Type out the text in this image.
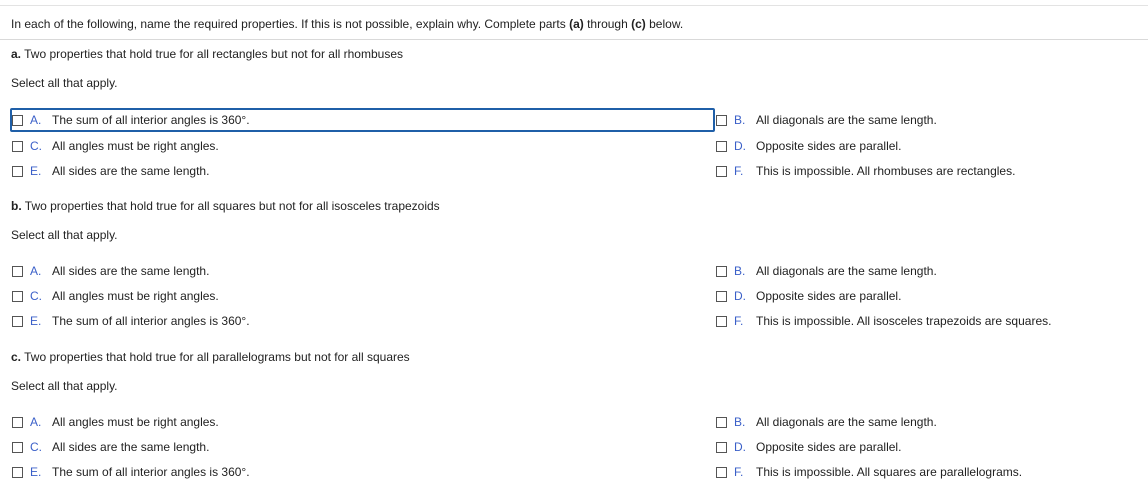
In each of the following, name the required properties. If this is not possible, explain why. Complete parts (a) through (c) below.
a. Two properties that hold true for all rectangles but not for all rhombuses
Select all that apply.
A. The sum of all interior angles is 360°.	B. All diagonals are the same length.
C. All angles must be right angles.	D. Opposite sides are parallel.
E. All sides are the same length.	F.	This is impossible. All rhombuses are rectangles.
b. Two properties that hold true for all squares but not for all isosceles trapezoids
Select all that apply.
A. All sides are the same length.	B. All diagonals are the same length.
C. All angles must be right angles.	D. Opposite sides are parallel.
E. The sum of all interior angles is 360°.	F.	This is impossible. All isosceles trapezoids are squares.
c. Two properties that hold true for all parallelograms but not for all squares
Select all that apply.
A. All angles must be right angles.	B. All diagonals are the same length.
C. All sides are the same length.	D. Opposite sides are parallel.
E. The sum of all interior angles is 360°.	F.	This is impossible. All squares are parallelograms.
